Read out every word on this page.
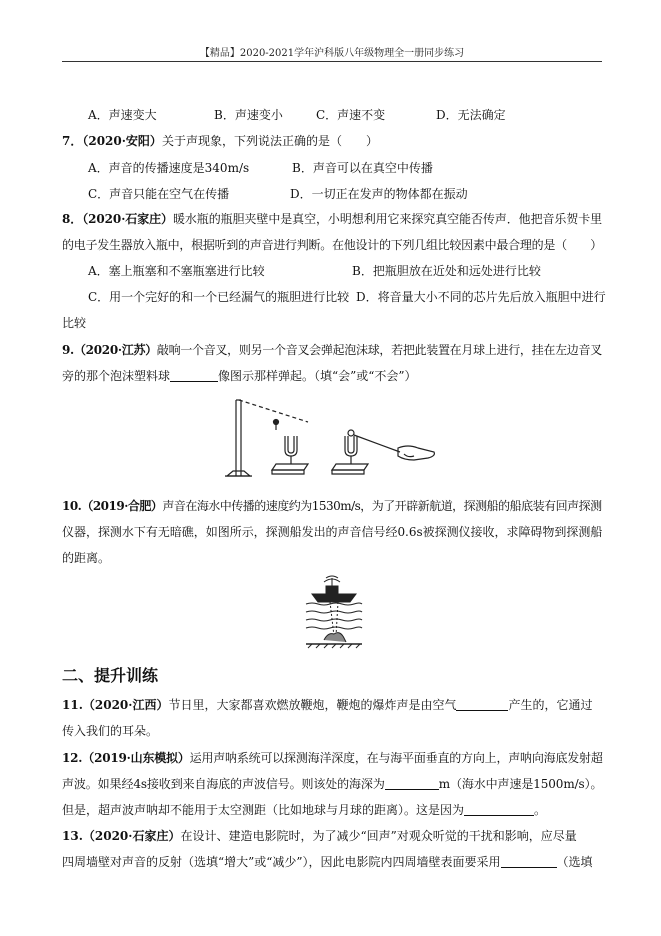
【精品】2020-2021学年沪科版八年级物理全一册同步练习
A．声速变大	B．声速变小	C．声速不变	D．无法确定
7．（2020·安阳）关于声现象，下列说法正确的是（　　）
A．声音的传播速度是340m/s	B．声音可以在真空中传播
C．声音只能在空气在传播	D．一切正在发声的物体都在振动
8．（2020·石家庄）暖水瓶的瓶胆夹壁中是真空，小明想利用它来探究真空能否传声．他把音乐贺卡里
的电子发生器放入瓶中，根据听到的声音进行判断。在他设计的下列几组比较因素中最合理的是（　　）
A．塞上瓶塞和不塞瓶塞进行比较	B．把瓶胆放在近处和远处进行比较
C．用一个完好的和一个已经漏气的瓶胆进行比较 D．将音量大小不同的芯片先后放入瓶胆中进行
比较
9.（2020·江苏）敲响一个音叉，则另一个音叉会弹起泡沫球，若把此装置在月球上进行，挂在左边音叉
旁的那个泡沫塑料球	像图示那样弹起。（填“会”或“不会”）
10.（2019·合肥）声音在海水中传播的速度约为1530m/s，为了开辟新航道，探测船的船底装有回声探测
仪器，探测水下有无暗礁，如图所示，探测船发出的声音信号经0.6s被探测仪接收，求障碍物到探测船
的距离。
二、提升训练
11.（2020·江西）节日里，大家都喜欢燃放鞭炮，鞭炮的爆炸声是由空气	产生的，它通过
传入我们的耳朵。
12.（2019·山东模拟）运用声呐系统可以探测海洋深度，在与海平面垂直的方向上，声呐向海底发射超
声波。如果经4s接收到来自海底的声波信号。则该处的海深为	m（海水中声速是1500m/s）。
但是，超声波声呐却不能用于太空测距（比如地球与月球的距离）。这是因为	。
13.（2020·石家庄）在设计、建造电影院时，为了减少“回声”对观众听觉的干扰和影响，应尽量
四周墙壁对声音的反射（选填“增大”或“减少”），因此电影院内四周墙壁表面要采用	（选填
